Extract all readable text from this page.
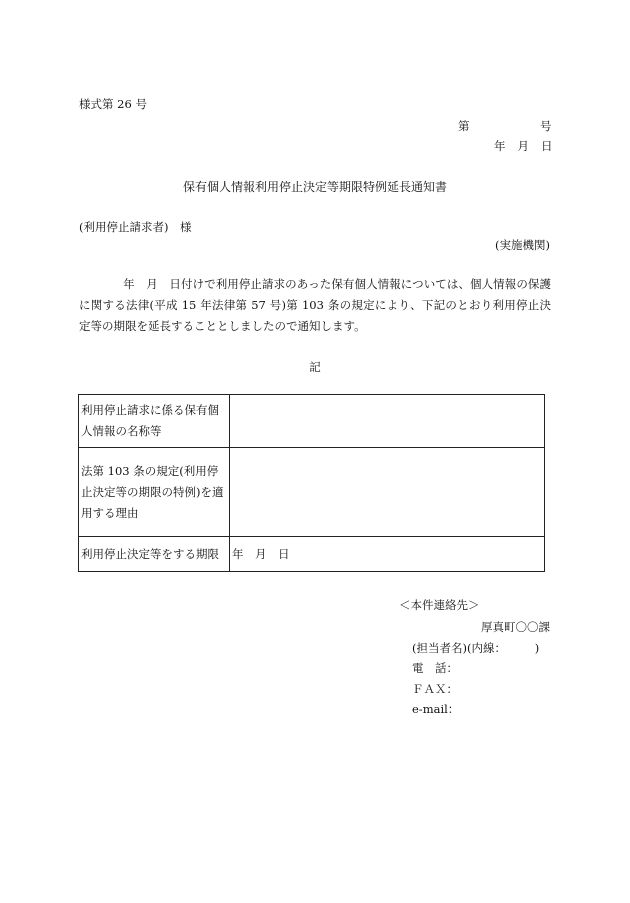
様式第 26 号
第	号
年 月 日
保有個人情報利用停止決定等期限特例延長通知書
(利用停止請求者)　様
(実施機関)
年　月　日付けで利用停止請求のあった保有個人情報については、個人情報の保護に関する法律(平成 15 年法律第 57 号)第 103 条の規定により、下記のとおり利用停止決定等の期限を延長することとしましたので通知します。
記
利用停止請求に係る保有個人情報の名称等	
法第 103 条の規定(利用停止決定等の期限の特例)を適用する理由	
利用停止決定等をする期限	年　月　日
＜本件連絡先＞
厚真町〇〇課
(担当者名)(内線：　　　)
電　話：
ＦＡＸ：
e-mail：
